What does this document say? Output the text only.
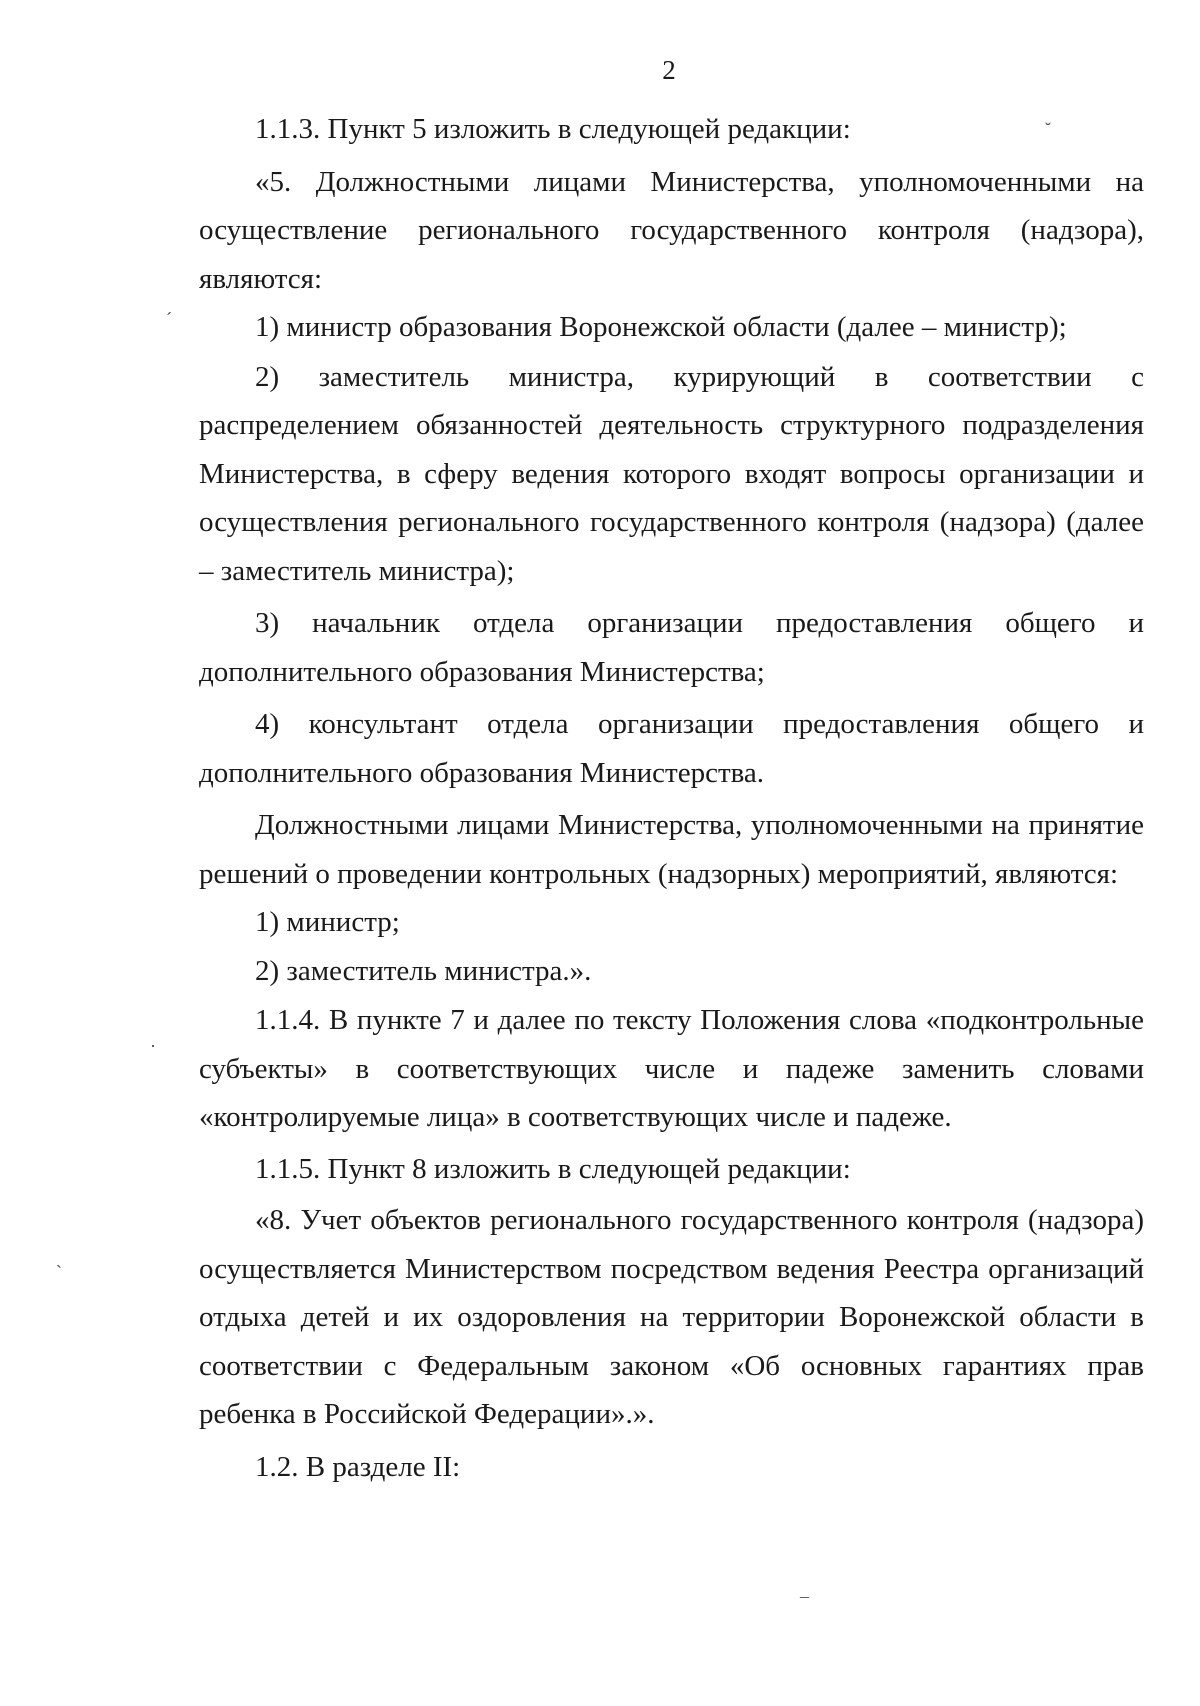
2

1.1.3. Пункт 5 изложить в следующей редакции:

«5. Должностными лицами Министерства, уполномоченными на осуществление регионального государственного контроля (надзора), являются:

1) министр образования Воронежской области (далее – министр);

2) заместитель министра, курирующий в соответствии с распределением обязанностей деятельность структурного подразделения Министерства, в сферу ведения которого входят вопросы организации и осуществления регионального государственного контроля (надзора) (далее – заместитель министра);

3) начальник отдела организации предоставления общего и дополнительного образования Министерства;

4) консультант отдела организации предоставления общего и дополнительного образования Министерства.

Должностными лицами Министерства, уполномоченными на принятие решений о проведении контрольных (надзорных) мероприятий, являются:

1) министр;

2) заместитель министра.».

1.1.4. В пункте 7 и далее по тексту Положения слова «подконтрольные субъекты» в соответствующих числе и падеже заменить словами «контролируемые лица» в соответствующих числе и падеже.

1.1.5. Пункт 8 изложить в следующей редакции:

«8. Учет объектов регионального государственного контроля (надзора) осуществляется Министерством посредством ведения Реестра организаций отдыха детей и их оздоровления на территории Воронежской области в соответствии с Федеральным законом «Об основных гарантиях прав ребенка в Российской Федерации».».

1.2. В разделе II:

˘
´
·
`
¯
